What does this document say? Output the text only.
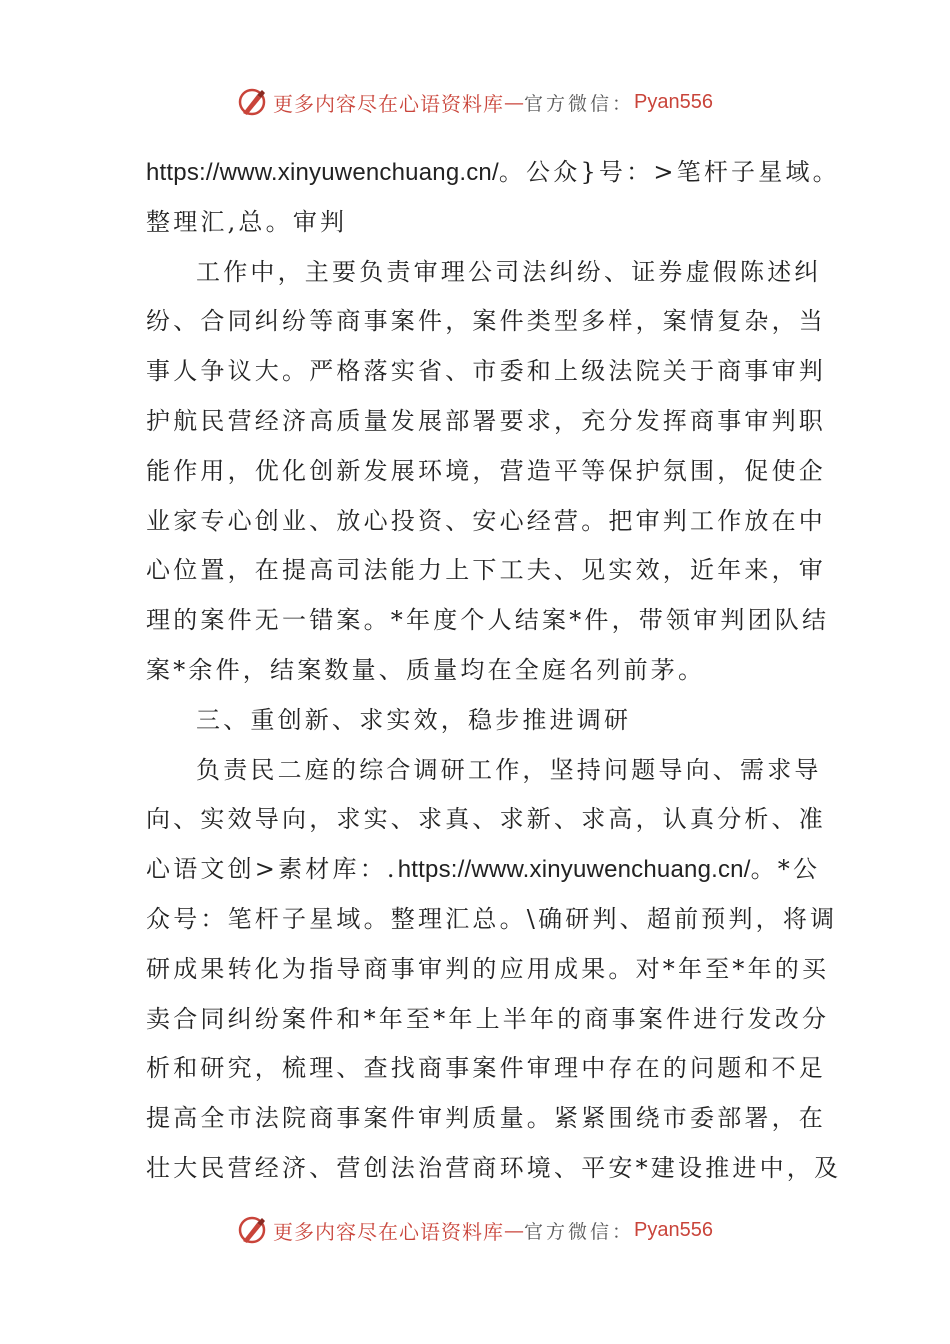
更多内容尽在心语资料库 — 官方微信： Pyan556
https://www.xinyuwenchuang.cn/。公众}号：>笔杆子星域。
整理汇,总。审判
工作中，主要负责审理公司法纠纷、证券虚假陈述纠
纷、合同纠纷等商事案件，案件类型多样，案情复杂，当
事人争议大。严格落实省、市委和上级法院关于商事审判
护航民营经济高质量发展部署要求，充分发挥商事审判职
能作用，优化创新发展环境，营造平等保护氛围，促使企
业家专心创业、放心投资、安心经营。把审判工作放在中
心位置，在提高司法能力上下工夫、见实效，近年来，审
理的案件无一错案。*年度个人结案*件，带领审判团队结
案*余件，结案数量、质量均在全庭名列前茅。
三、重创新、求实效，稳步推进调研
负责民二庭的综合调研工作，坚持问题导向、需求导
向、实效导向，求实、求真、求新、求高，认真分析、准
心语文创>素材库：.https://www.xinyuwenchuang.cn/。*公
众号：笔杆子星域。整理汇总。\确研判、超前预判，将调
研成果转化为指导商事审判的应用成果。对*年至*年的买
卖合同纠纷案件和*年至*年上半年的商事案件进行发改分
析和研究，梳理、查找商事案件审理中存在的问题和不足
提高全市法院商事案件审判质量。紧紧围绕市委部署，在
壮大民营经济、营创法治营商环境、平安*建设推进中，及
更多内容尽在心语资料库 — 官方微信： Pyan556
